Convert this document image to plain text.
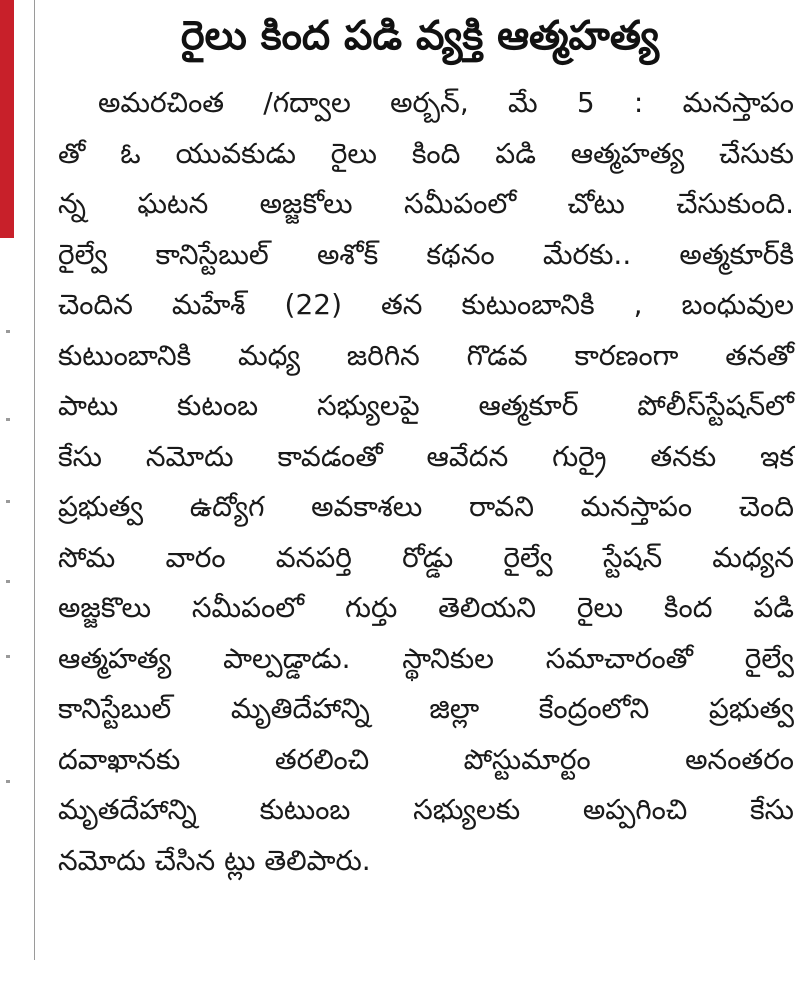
రైలు కింద పడి వ్యక్తి ఆత్మహత్య
అమరచింత /గద్వాల అర్బన్, మే 5 : మనస్తాపం
తో ఓ యువకుడు రైలు కింది పడి ఆత్మహత్య చేసుకు
న్న ఘటన అజ్జకోలు సమీపంలో చోటు చేసుకుంది.
రైల్వే కానిస్టేబుల్ అశోక్ కథనం మేరకు.. అత్మకూర్‌కి
చెందిన మహేశ్ (22) తన కుటుంబానికి , బంధువుల
కుటుంబానికి మధ్య జరిగిన గొడవ కారణంగా తనతో
పాటు కుటంబ సభ్యులపై ఆత్మకూర్ పోలీస్‌స్టేషన్‌లో
కేసు నమోదు కావడంతో ఆవేదన గుర్రై తనకు ఇక
ప్రభుత్వ ఉద్యోగ అవకాశలు రావని మనస్తాపం చెంది
సోమ వారం వనపర్తి రోడ్డు రైల్వే స్టేషన్ మధ్యన
అజ్జకొలు సమీపంలో గుర్తు తెలియని రైలు కింద పడి
ఆత్మహత్య పాల్పడ్డాడు. స్థానికుల సమాచారంతో రైల్వే
కానిస్టేబుల్ మృతిదేహాన్ని జిల్లా కేంద్రంలోని ప్రభుత్వ
దవాఖానకు తరలించి పోస్టుమార్టం అనంతరం
మృతదేహాన్ని కుటుంబ సభ్యులకు అప్పగించి కేసు
నమోదు చేసిన ట్లు తెలిపారు.
